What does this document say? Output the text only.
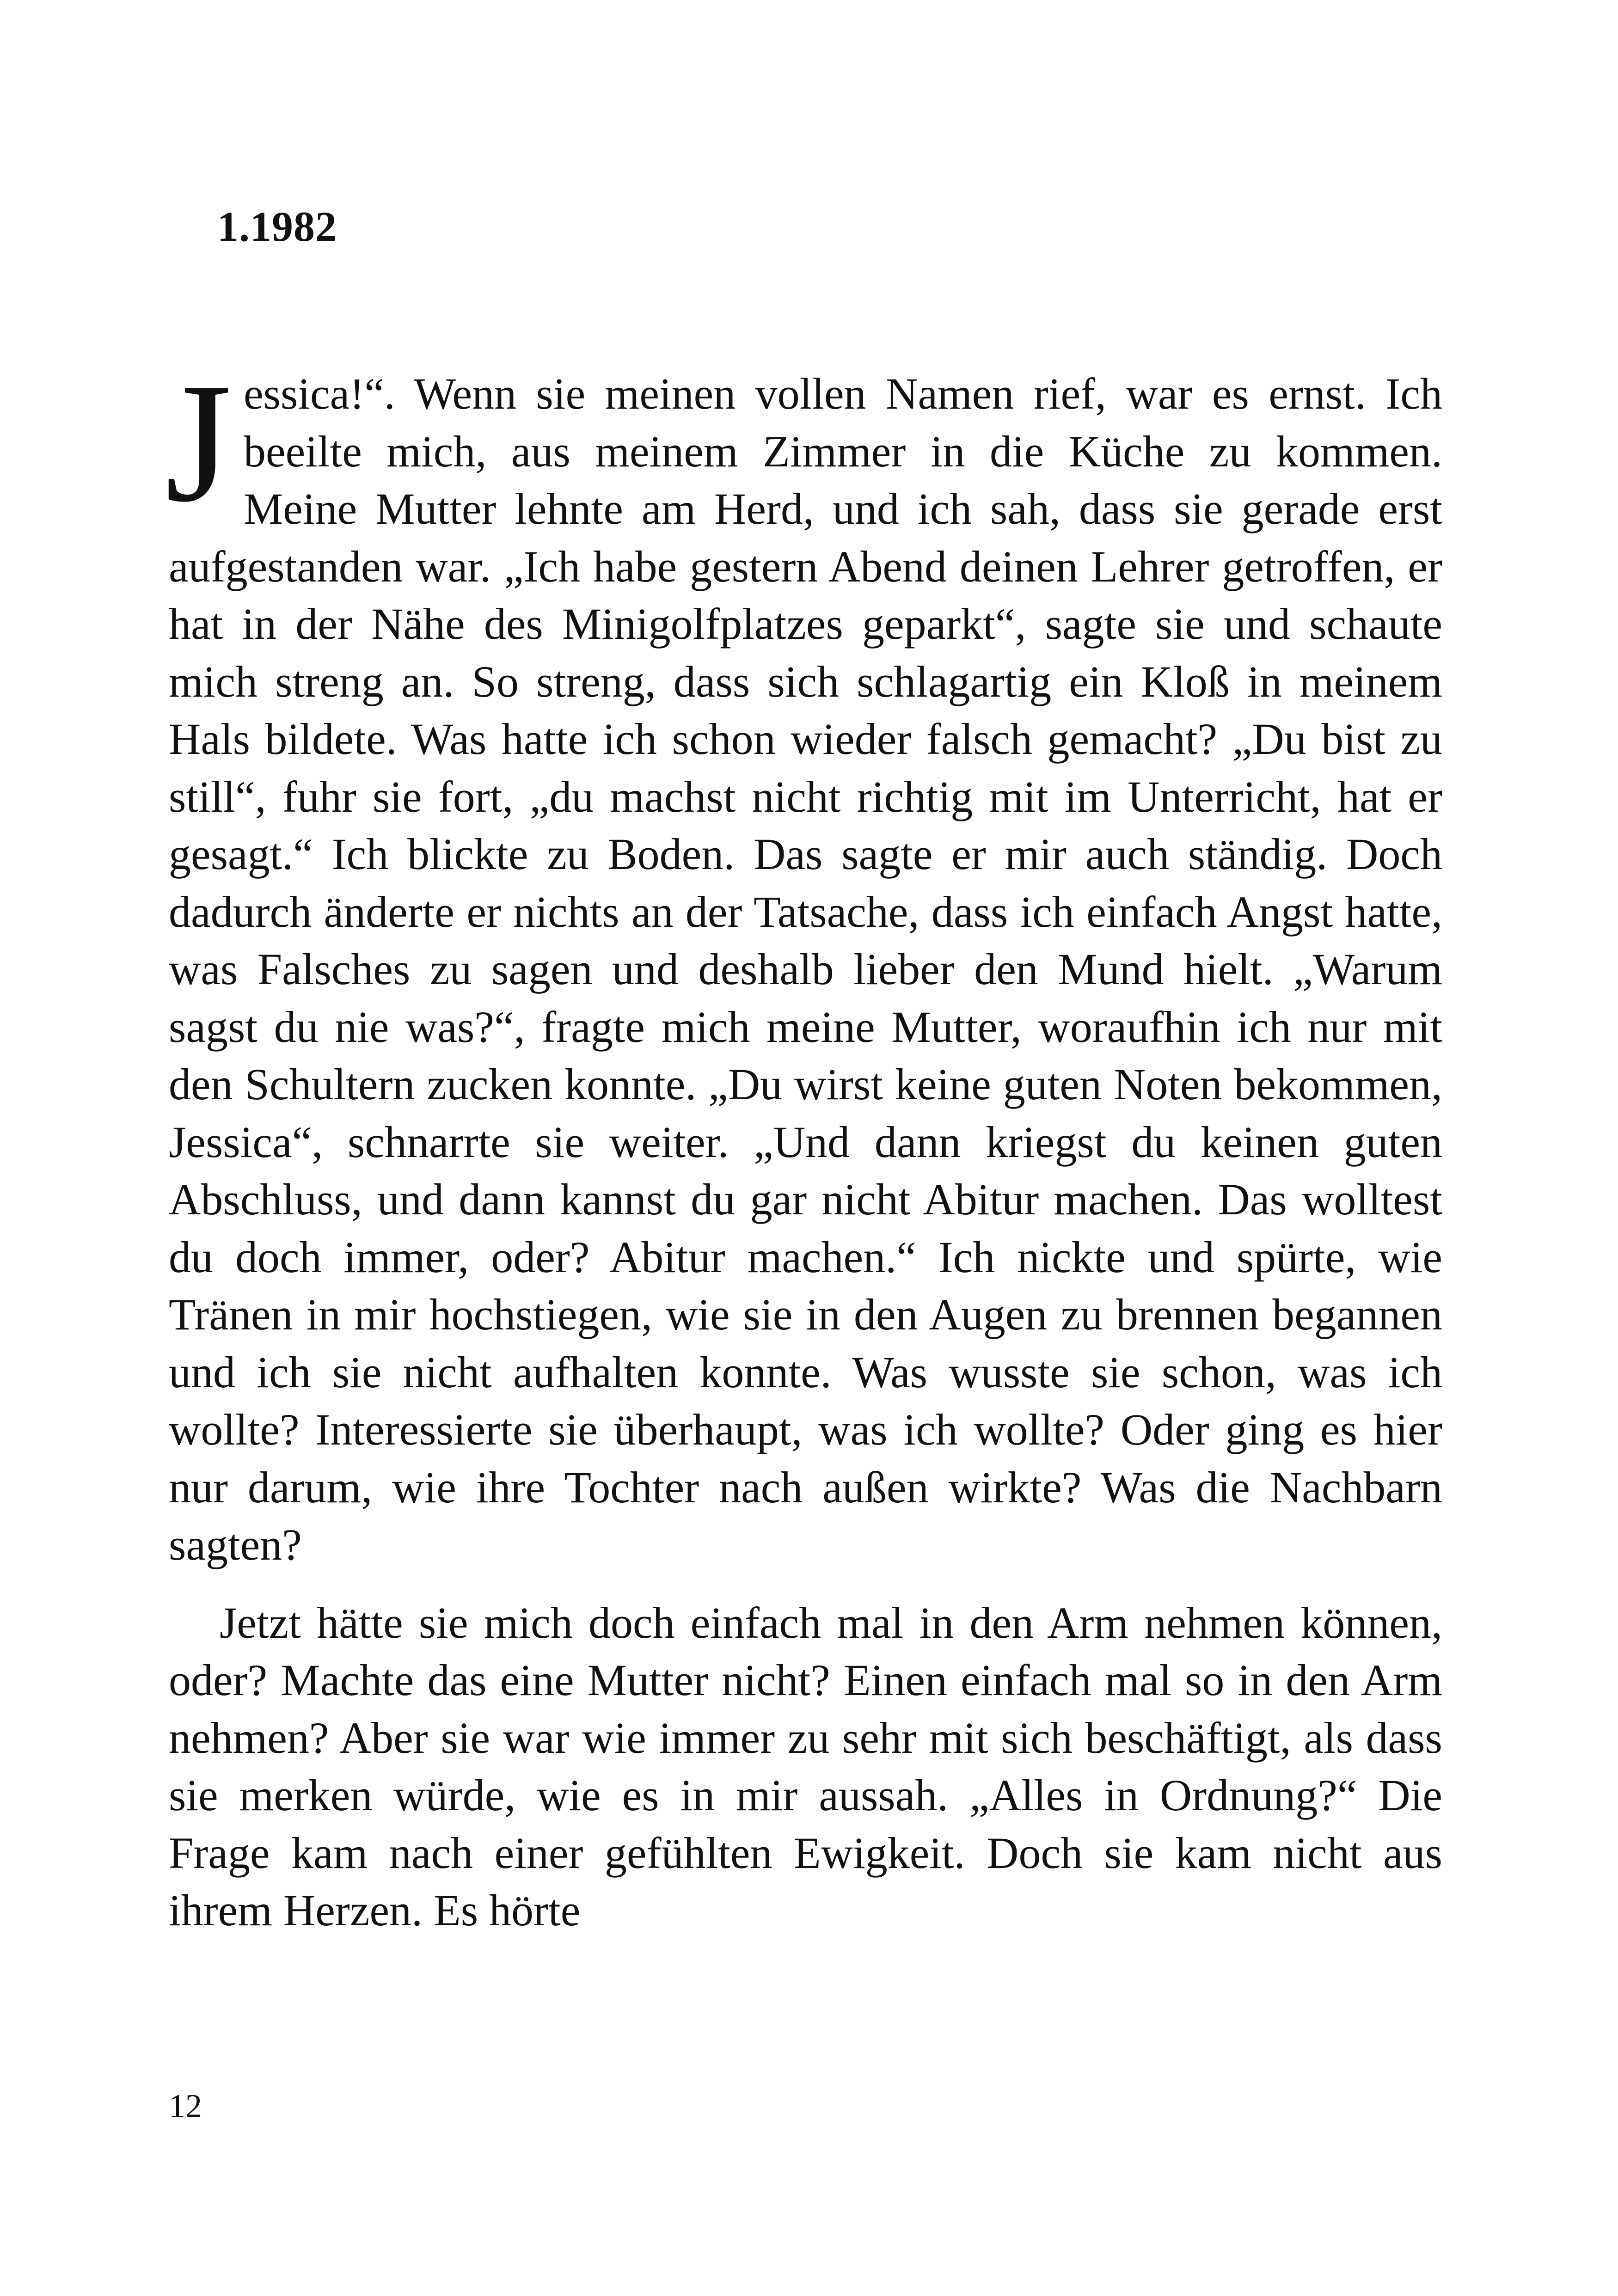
1.1982

Jessica!“. Wenn sie meinen vollen Namen rief, war es ernst. Ich beeilte mich, aus meinem Zimmer in die Küche zu kommen. Meine Mutter lehnte am Herd, und ich sah, dass sie gerade erst aufgestanden war. „Ich habe gestern Abend deinen Lehrer getroffen, er hat in der Nähe des Minigolfplatzes geparkt“, sagte sie und schaute mich streng an. So streng, dass sich schlagartig ein Kloß in meinem Hals bildete. Was hatte ich schon wieder falsch gemacht? „Du bist zu still“, fuhr sie fort, „du machst nicht richtig mit im Unterricht, hat er gesagt.“ Ich blickte zu Boden. Das sagte er mir auch ständig. Doch dadurch änderte er nichts an der Tatsache, dass ich einfach Angst hatte, was Falsches zu sagen und deshalb lieber den Mund hielt. „Warum sagst du nie was?“, fragte mich meine Mutter, woraufhin ich nur mit den Schultern zucken konnte. „Du wirst keine guten Noten bekommen, Jessica“, schnarrte sie weiter. „Und dann kriegst du keinen guten Abschluss, und dann kannst du gar nicht Abitur machen. Das wolltest du doch immer, oder? Abitur machen.“ Ich nickte und spürte, wie Tränen in mir hochstiegen, wie sie in den Augen zu brennen begannen und ich sie nicht aufhalten konnte. Was wusste sie schon, was ich wollte? Interessierte sie überhaupt, was ich wollte? Oder ging es hier nur darum, wie ihre Tochter nach außen wirkte? Was die Nachbarn sagten?

Jetzt hätte sie mich doch einfach mal in den Arm nehmen können, oder? Machte das eine Mutter nicht? Einen einfach mal so in den Arm nehmen? Aber sie war wie immer zu sehr mit sich beschäftigt, als dass sie merken würde, wie es in mir aussah. „Alles in Ordnung?“ Die Frage kam nach einer gefühlten Ewigkeit. Doch sie kam nicht aus ihrem Herzen. Es hörte

12
